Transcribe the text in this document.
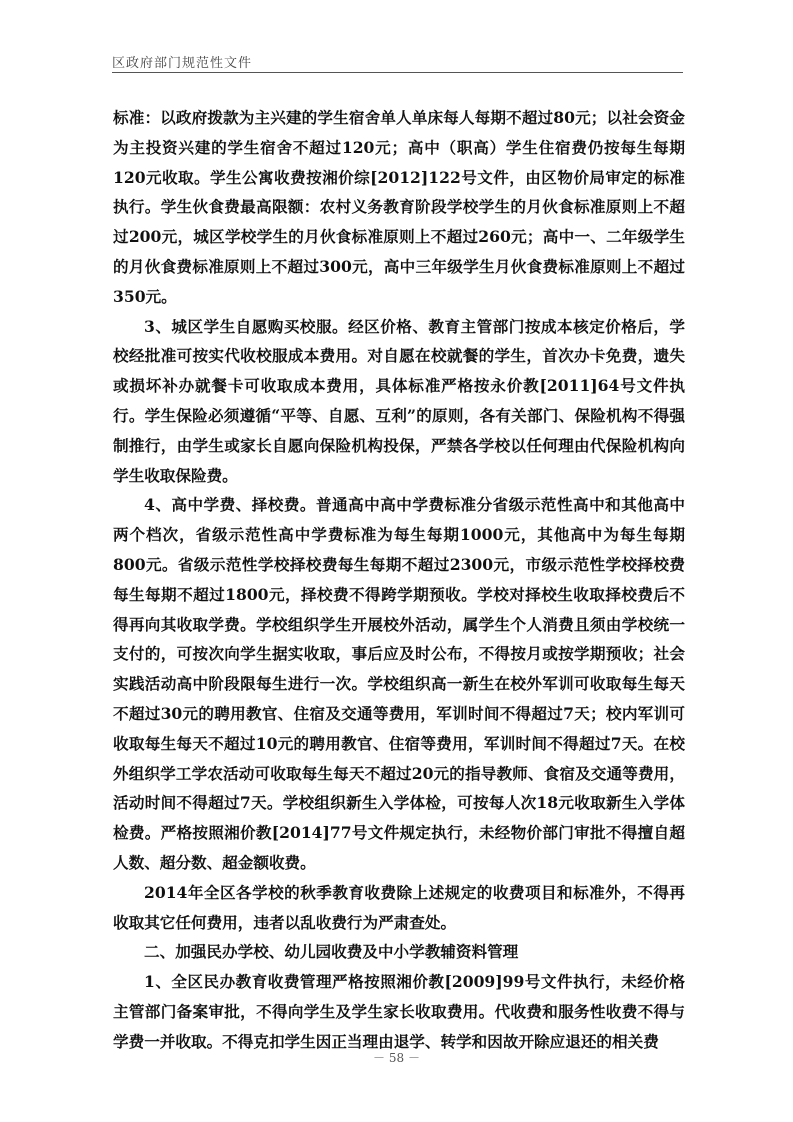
区政府部门规范性文件

标准：以政府拨款为主兴建的学生宿舍单人单床每人每期不超过80元；以社会资金为主投资兴建的学生宿舍不超过120元；高中（职高）学生住宿费仍按每生每期120元收取。学生公寓收费按湘价综[2012]122号文件，由区物价局审定的标准执行。学生伙食费最高限额：农村义务教育阶段学校学生的月伙食标准原则上不超过200元，城区学校学生的月伙食标准原则上不超过260元；高中一、二年级学生的月伙食费标准原则上不超过300元，高中三年级学生月伙食费标准原则上不超过350元。

3、城区学生自愿购买校服。经区价格、教育主管部门按成本核定价格后，学校经批准可按实代收校服成本费用。对自愿在校就餐的学生，首次办卡免费，遗失或损坏补办就餐卡可收取成本费用，具体标准严格按永价教[2011]64号文件执行。学生保险必须遵循“平等、自愿、互利”的原则，各有关部门、保险机构不得强制推行，由学生或家长自愿向保险机构投保，严禁各学校以任何理由代保险机构向学生收取保险费。

4、高中学费、择校费。普通高中高中学费标准分省级示范性高中和其他高中两个档次，省级示范性高中学费标准为每生每期1000元，其他高中为每生每期800元。省级示范性学校择校费每生每期不超过2300元，市级示范性学校择校费每生每期不超过1800元，择校费不得跨学期预收。学校对择校生收取择校费后不得再向其收取学费。学校组织学生开展校外活动，属学生个人消费且须由学校统一支付的，可按次向学生据实收取，事后应及时公布，不得按月或按学期预收；社会实践活动高中阶段限每生进行一次。学校组织高一新生在校外军训可收取每生每天不超过30元的聘用教官、住宿及交通等费用，军训时间不得超过7天；校内军训可收取每生每天不超过10元的聘用教官、住宿等费用，军训时间不得超过7天。在校外组织学工学农活动可收取每生每天不超过20元的指导教师、食宿及交通等费用，活动时间不得超过7天。学校组织新生入学体检，可按每人次18元收取新生入学体检费。严格按照湘价教[2014]77号文件规定执行，未经物价部门审批不得擅自超人数、超分数、超金额收费。

2014年全区各学校的秋季教育收费除上述规定的收费项目和标准外，不得再收取其它任何费用，违者以乱收费行为严肃查处。

二、加强民办学校、幼儿园收费及中小学教辅资料管理

1、全区民办教育收费管理严格按照湘价教[2009]99号文件执行，未经价格主管部门备案审批，不得向学生及学生家长收取费用。代收费和服务性收费不得与学费一并收取。不得克扣学生因正当理由退学、转学和因故开除应退还的相关费

－ 58 －
